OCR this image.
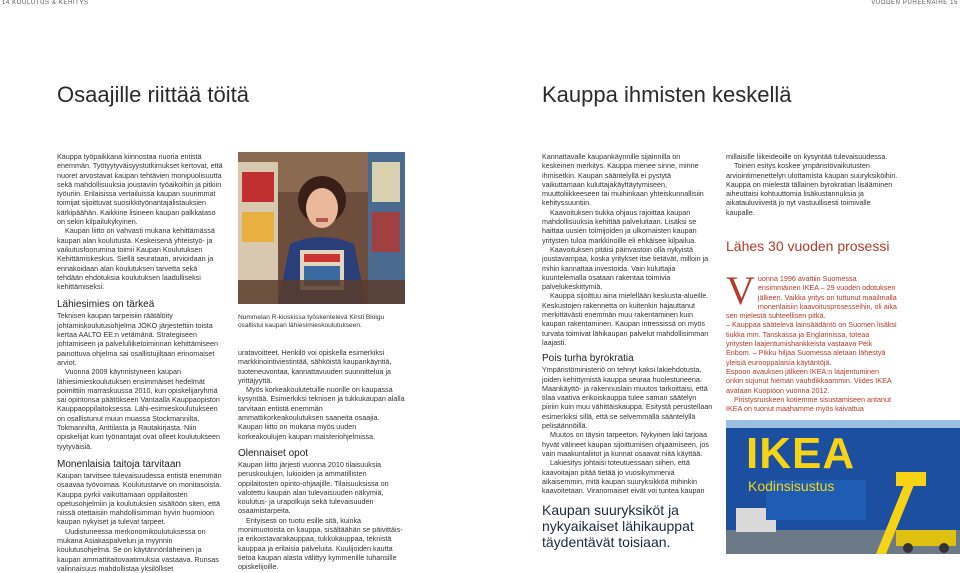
14 KOULUTUS & KEHITYS	VUODEN PUHEENAIHE 15
Osaajille riittää töitä	Kauppa ihmisten keskellä

Kauppa työpaikkana kiinnostaa nuoria entistä enemmän. Työtyytyväisyystutkimukset kertovat, että nuoret arvostavat kaupan tehtävien monipuolisuutta sekä mahdollisuuksia joustaviin työaikoihin ja pitkiin työuriin. Erilaisissa vertailuissa kaupan suurimmat toimijat sijoittuvat suosikkityönantajalistauksien kärkipäähän. Kaikkine lisineen kaupan palkkataso on sekin kilpailukykyinen.

Kaupan liitto on vahvasti mukana kehittämässä kaupan alan koulutusta. Keskeisenä yhteistyö- ja vaikutusfoorumina toimii Kaupan Koulutuksen Kehittämiskeskus. Siellä seurataan, arvioidaan ja ennakoidaan alan koulutuksen tarvetta sekä tehdään ehdotuksia koulutuksen laadulliseksi kehittämiseksi.

Lähiesimies on tärkeä

Teknisen kaupan tarpeisiin räätälöity johtamiskoulutusohjelma JOKO järjestettiin toista kertaa AALTO EE:n vetämänä. Strategiseen johtamiseen ja palveluliiketoiminnan kehittämiseen painottuva ohjelma sai osallistujiltaan erinomaiset arviot.

Vuonna 2009 käynnistyneen kaupan lähiesimieskoulutuksen ensimmäiset hedelmät poimittiin marraskuussa 2010, kun opiskelijaryhmä sai opintonsa päätökseen Vantaalla Kauppaopiston Kauppaoppilaitoksessa. Lähi-esimieskoulutukseen on osallistunut muun muassa Stockmannilta, Tokmannilta, Anttilasta ja Rautakirjasta. Niin opiskelijat kuin työnantajat ovat olleet koulutukseen tyytyväisiä.

Monenlaisia taitoja tarvitaan

Kaupan tarvitsee tulevaisuudessa entistä enemmän osaavaa työvoimaa. Koulutustarve on monitasoista. Kauppa pyrkii vaikuttamaan oppilaitosten opetusohjelmiin ja koulutuksien sisältöön siten, että niissä otettaisiin mahdollisimman hyvin huomioon kaupan nykyiset ja tulevat tarpeet.

Uudistuneessa merkonomikoulutuksessa on mukana Asiakaspalvelun ja myynnin koulutusohjelma. Se on käytännönläheinen ja kaupan ammattitaitovaatimuksia vastaava. Runsas valinnaisuus mahdollistaa yksilölliset

Nummelan R-kioskissa työskentelevä Kirsti Bloigu osallistui kaupan lähiesimieskoulutukseen.

uratavoitteet. Henkilö voi opiskella esimerkiksi markkinointiviestintää, sähköistä kaupankäyntiä, tuoteneuvontaa, kannattavuuden suunnittelua ja yrittäjyyttä.

Myös korkeakoulutetuille nuorille on kaupassa kysyntää. Esimerkiksi teknisen ja tukkukaupan alalla tarvitaan entistä enemmän ammattikorkeakoulutuksen saaneita osaajia. Kaupan liitto on mukana myös uuden korkeakoulujen kaupan maisteriohjelmissa.

Olennaiset opot

Kaupan liitto järjesti vuonna 2010 tilaisuuksia peruskoulujen, lukioiden ja ammatillisten oppilaitosten opinto-ohjaajille. Tilaisuuksissa on valotettu kaupan alan tulevaisuuden näkymiä, koulutus- ja urapolkuja sekä tulevaisuuden osaamistarpeita.

Erityisesti on tuotu esille sitä, kuinka monimuotoista on kauppa, sisältäähän se päivittäis- ja erikoistavarakauppaa, tukkukauppaa, teknistä kauppaa ja erilaisia palveluita. Kuulijoiden kautta tietoa kaupan alasta välittyy kymmenille tuhansille opiskelijoille.

Kannattavalle kaupankäynnille sijainnilla on keskeinen merkitys. Kauppa menee sinne, minne ihmisetkin. Kaupan sääntelyllä ei pystytä vaikuttamaan kuluttajakäyttäytymiseen, muuttoliikkeeseen tai muihinkaan yhteiskunnallisiin kehityssuuntiin.

Kaavoituksen tiukka ohjaus rajoittaa kaupan mahdollisuuksia kehittää palveluitaan. Lisäksi se haittaa uusien toimijoiden ja ulkomaisten kaupan yritysten tuloa markkinoille eli ehkäisee kilpailua.

Kaavoituksen pitäisi päinvastoin olla nykyistä joustavampaa, koska yritykset itse tietävät, milloin ja mihin kannattaa investoida. Vain kuluttajia kuuntelemalla osataan rakentaa toimivia palvelukeskittymiä.

Kauppa sijoittuu aina mielellään keskusta-alueille. Keskustojen rakennetta on kuitenkin hajauttanut merkittävästi enemmän muu rakentaminen kuin kaupan rakentaminen. Kaupan intressissä on myös turvata toimivat lähikaupan palvelut mahdollisimman laajasti.

Pois turha byrokratia

Ympäristöministeriö on tehnyt kaksi lakiehdotusta, joiden kehittymistä kauppa seuraa huolestuneena. Maankäyttö- ja rakennuslain muutos tarkoittaisi, että tilaa vaativa erikoiskauppa tulee saman säätelyn piiriin kuin muu vähittäiskauppa. Esitystä perustellaan esimerkiksi sillä, että se selvemmällä sääntelyllä pelisäännöillä.

Muutos on täysin tarpeeton. Nykyinen laki tarjoaa hyvät välineet kaupan sijoittumisen ohjaamiseen, jos vain maakuntaliitot ja kunnat osaavat niitä käyttää.

Lakiesitys johtaisi toteutuessaan siihen, että kaavoitajan pitää tietää jo vuosikymmeniä aikaisemmin, mitä kaupan suuryksikköä mihinkin kaavoitetaan. Viranomaiset eivät voi tuntea kaupan

Kaupan suuryksiköt ja nykyaikaiset lähikauppat täydentävät toisiaan.

millaisille liikeideoille on kysyntää tulevaisuudessa.

Toinen esitys koskee ympäristövaikutusten arviointimenettelyn ulottamista kaupan suuryksiköihin. Kauppa on mielestä tällainen byrokratian lisääminen aiheuttaisi kohtuuttomia lisäkustannuksia ja aikatauluviiveitä jo nyt vastuullisesti toimivalle kaupalle.

Lähes 30 vuoden prosessi
V uonna 1996 avattiin Suomessa ensimmäinen IKEA – 29 vuoden odotuksen jälkeen. Vaikka yritys on tuttunut maailmalla monenlaisiin kaavoitusprosesseihin, oli aika sen mielestä suhteellisen pitkä.

– Kauppaa säätelevä lainsäädäntö on Suomen lisäksi tiukka mm. Tanskassa ja Englannissa, toteaa yritysten laajentumishankkeista vastaava Peik Enbom. – Pikku hiljaa Suomessa aletaan lähestyä yleisiä eurooppalaisia käytäntöjä.

Espoon avauksen jälkeen IKEA:n laajentuminen onkin sujunut hieman vauhdikkaammin. Viides IKEA avataan Kuopioon vuonna 2012.

Piristysruiskeen kotiemme sisustamiseen antanut IKEA on tuonut maahamme myös kaivattua

IKEA
Kodinsisustus
